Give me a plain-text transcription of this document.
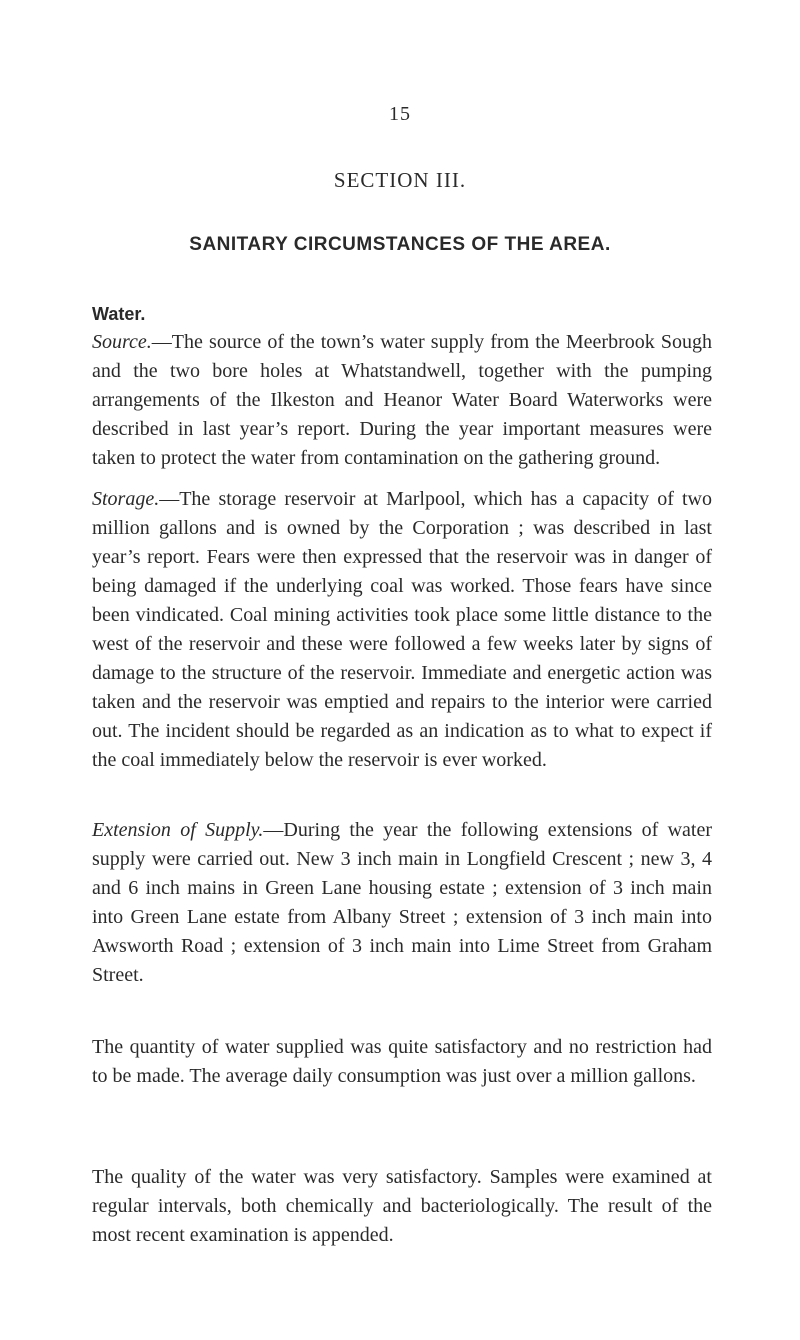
15
SECTION III.
SANITARY CIRCUMSTANCES OF THE AREA.
Water.

Source.—The source of the town’s water supply from the Meerbrook Sough and the two bore holes at Whatstandwell, together with the pumping arrangements of the Ilkeston and Heanor Water Board Waterworks were described in last year’s report. During the year important measures were taken to protect the water from contamination on the gathering ground.

Storage.—The storage reservoir at Marlpool, which has a capacity of two million gallons and is owned by the Corporation ; was described in last year’s report. Fears were then expressed that the reservoir was in danger of being damaged if the underlying coal was worked. Those fears have since been vindicated. Coal mining activities took place some little distance to the west of the reservoir and these were followed a few weeks later by signs of damage to the structure of the reservoir. Immediate and energetic action was taken and the reservoir was emptied and repairs to the interior were carried out. The incident should be regarded as an indication as to what to expect if the coal immediately below the reservoir is ever worked.

Extension of Supply.—During the year the following extensions of water supply were carried out. New 3 inch main in Longfield Crescent ; new 3, 4 and 6 inch mains in Green Lane housing estate ; extension of 3 inch main into Green Lane estate from Albany Street ; extension of 3 inch main into Awsworth Road ; extension of 3 inch main into Lime Street from Graham Street.

The quantity of water supplied was quite satisfactory and no restriction had to be made. The average daily consumption was just over a million gallons.

The quality of the water was very satisfactory. Samples were examined at regular intervals, both chemically and bacteriologically. The result of the most recent examination is appended.
